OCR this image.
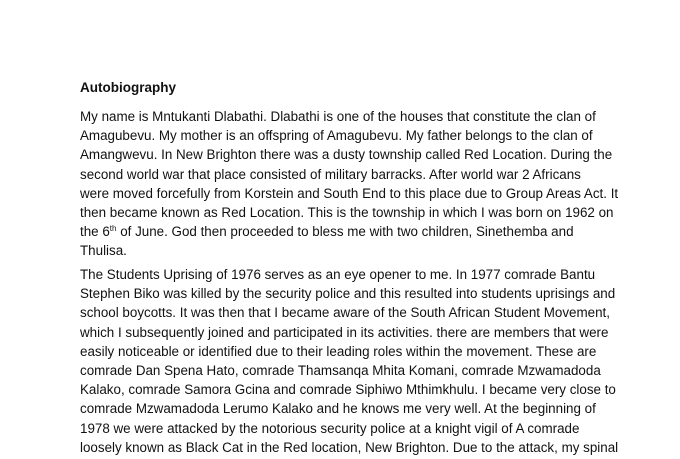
Autobiography
My name is Mntukanti Dlabathi. Dlabathi is one of the houses that constitute the clan of
Amagubevu. My mother is an offspring of Amagubevu. My father belongs to the clan of
Amangwevu. In New Brighton there was a dusty township called Red Location. During the
second world war that place consisted of military barracks. After world war 2 Africans
were moved forcefully from Korstein and South End to this place due to Group Areas Act. It
then became known as Red Location. This is the township in which I was born on 1962 on
the 6th of June. God then proceeded to bless me with two children, Sinethemba and
Thulisa.
The Students Uprising of 1976 serves as an eye opener to me. In 1977 comrade Bantu
Stephen Biko was killed by the security police and this resulted into students uprisings and
school boycotts. It was then that I became aware of the South African Student Movement,
which I subsequently joined and participated in its activities. there are members that were
easily noticeable or identified due to their leading roles within the movement. These are
comrade Dan Spena Hato, comrade Thamsanqa Mhita Komani, comrade Mzwamadoda
Kalako, comrade Samora Gcina and comrade Siphiwo Mthimkhulu. I became very close to
comrade Mzwamadoda Lerumo Kalako and he knows me very well. At the beginning of
1978 we were attacked by the notorious security police at a knight vigil of A comrade
loosely known as Black Cat in the Red location, New Brighton. Due to the attack, my spinal
